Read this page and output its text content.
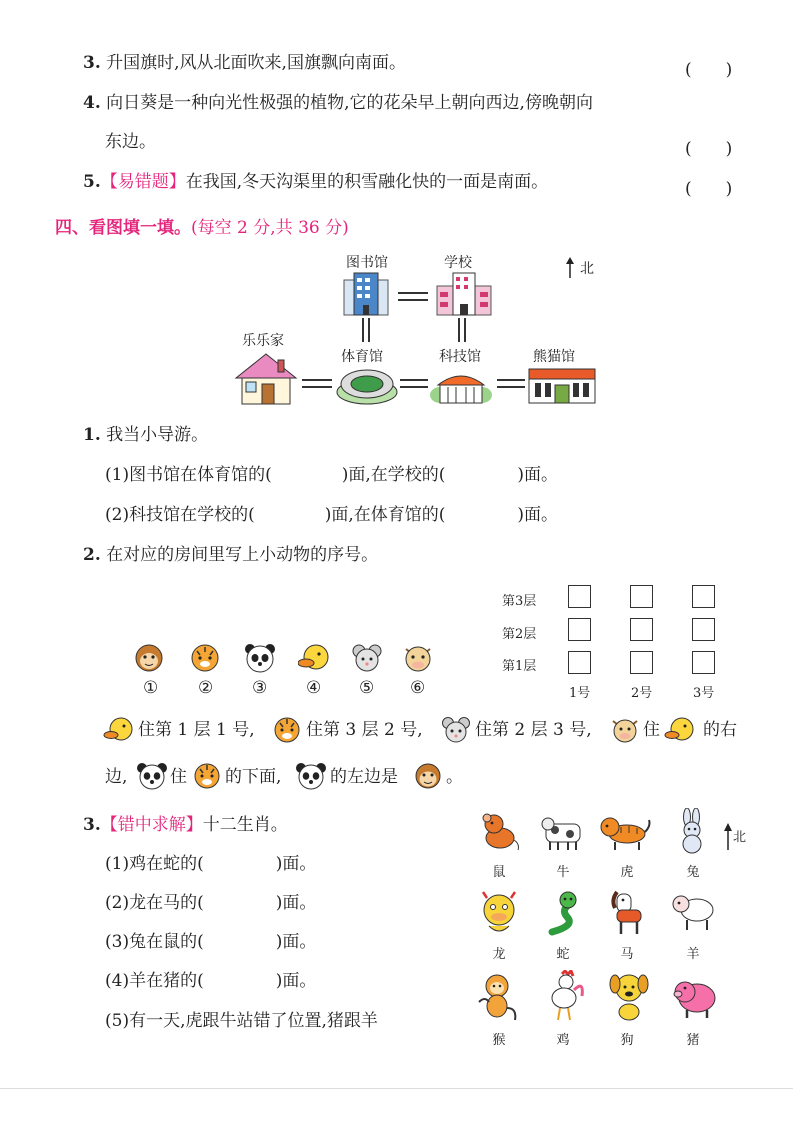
3. 升国旗时,风从北面吹来,国旗飘向南面。	(　　)
4. 向日葵是一种向光性极强的植物,它的花朵早上朝向西边,傍晚朝向
东边。	(　　)
5.【易错题】在我国,冬天沟渠里的积雪融化快的一面是南面。	(　　)
四、看图填一填。(每空 2 分,共 36 分)
图书馆	学校	北
乐乐家
体育馆	科技馆	熊猫馆
1. 我当小导游。
(1)图书馆在体育馆的(	)面,在学校的(	)面。
(2)科技馆在学校的(	)面,在体育馆的(	)面。
2. 在对应的房间里写上小动物的序号。
第3层
第2层
第1层
1号	2号	3号
① ② ③ ④ ⑤ ⑥
住第 1 层 1 号,	住第 3 层 2 号,	住第 2 层 3 号,	住	的右
边,	住 的下面,	的左边是	。
3.【错中求解】十二生肖。
(1)鸡在蛇的(	)面。
(2)龙在马的(	)面。
(3)兔在鼠的(	)面。
(4)羊在猪的(	)面。
(5)有一天,虎跟牛站错了位置,猪跟羊
北
鼠	牛	虎	兔
龙	蛇	马	羊
猴	鸡	狗	猪
